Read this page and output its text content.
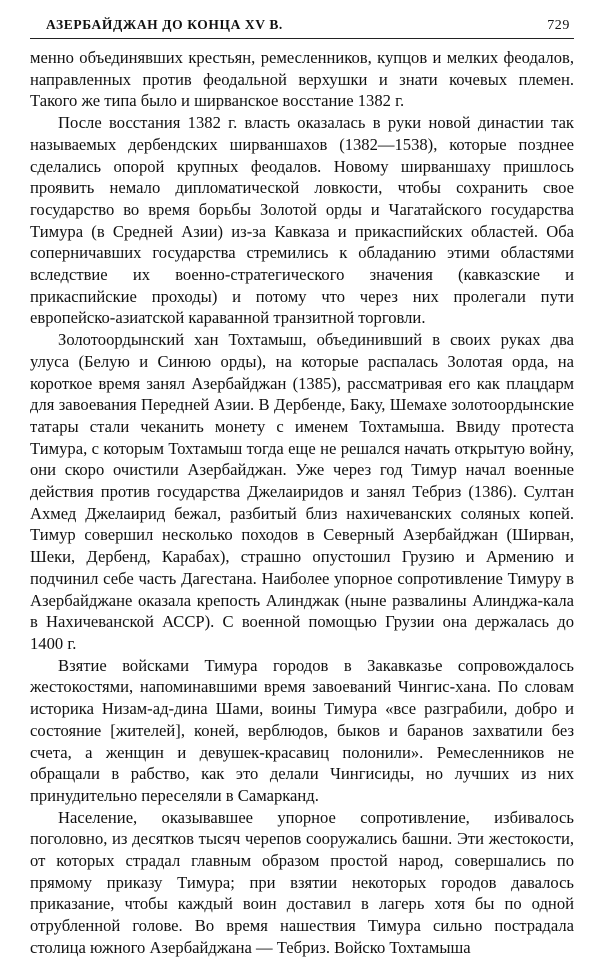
АЗЕРБАЙДЖАН ДО КОНЦА XV В.	729

менно объединявших крестьян, ремесленников, купцов и мелких феодалов, направленных против феодальной верхушки и знати кочевых племен. Такого же типа было и ширванское восстание 1382 г.

После восстания 1382 г. власть оказалась в руки новой династии так называемых дербендских ширваншахов (1382—1538), которые позднее сделались опорой крупных феодалов. Новому ширваншаху пришлось проявить немало дипломатической ловкости, чтобы сохранить свое государство во время борьбы Золотой орды и Чагатайского государства Тимура (в Средней Азии) из-за Кавказа и прикаспийских областей. Оба соперничавших государства стремились к обладанию этими областями вследствие их военно-стратегического значения (кавказские и прикаспийские проходы) и потому что через них пролегали пути европейско-азиатской караванной транзитной торговли.

Золотоордынский хан Тохтамыш, объединивший в своих руках два улуса (Белую и Синюю орды), на которые распалась Золотая орда, на короткое время занял Азербайджан (1385), рассматривая его как плацдарм для завоевания Передней Азии. В Дербенде, Баку, Шемахе золотоордынские татары стали чеканить монету с именем Тохтамыша. Ввиду протеста Тимура, с которым Тохтамыш тогда еще не решался начать открытую войну, они скоро очистили Азербайджан. Уже через год Тимур начал военные действия против государства Джелаиридов и занял Тебриз (1386). Султан Ахмед Джелаирид бежал, разбитый близ нахичеванских соляных копей. Тимур совершил несколько походов в Северный Азербайджан (Ширван, Шеки, Дербенд, Карабах), страшно опустошил Грузию и Армению и подчинил себе часть Дагестана. Наиболее упорное сопротивление Тимуру в Азербайджане оказала крепость Алинджак (ныне развалины Алинджа-кала в Нахичеванской АССР). С военной помощью Грузии она держалась до 1400 г.

Взятие войсками Тимура городов в Закавказье сопровождалось жестокостями, напоминавшими время завоеваний Чингис-хана. По словам историка Низам-ад-дина Шами, воины Тимура «все разграбили, добро и состояние [жителей], коней, верблюдов, быков и баранов захватили без счета, а женщин и девушек-красавиц полонили». Ремесленников не обращали в рабство, как это делали Чингисиды, но лучших из них принудительно переселяли в Самарканд.

Население, оказывавшее упорное сопротивление, избивалось поголовно, из десятков тысяч черепов сооружались башни. Эти жестокости, от которых страдал главным образом простой народ, совершались по прямому приказу Тимура; при взятии некоторых городов давалось приказание, чтобы каждый воин доставил в лагерь хотя бы по одной отрубленной голове. Во время нашествия Тимура сильно пострадала столица южного Азербайджана — Тебриз. Войско Тохтамыша
